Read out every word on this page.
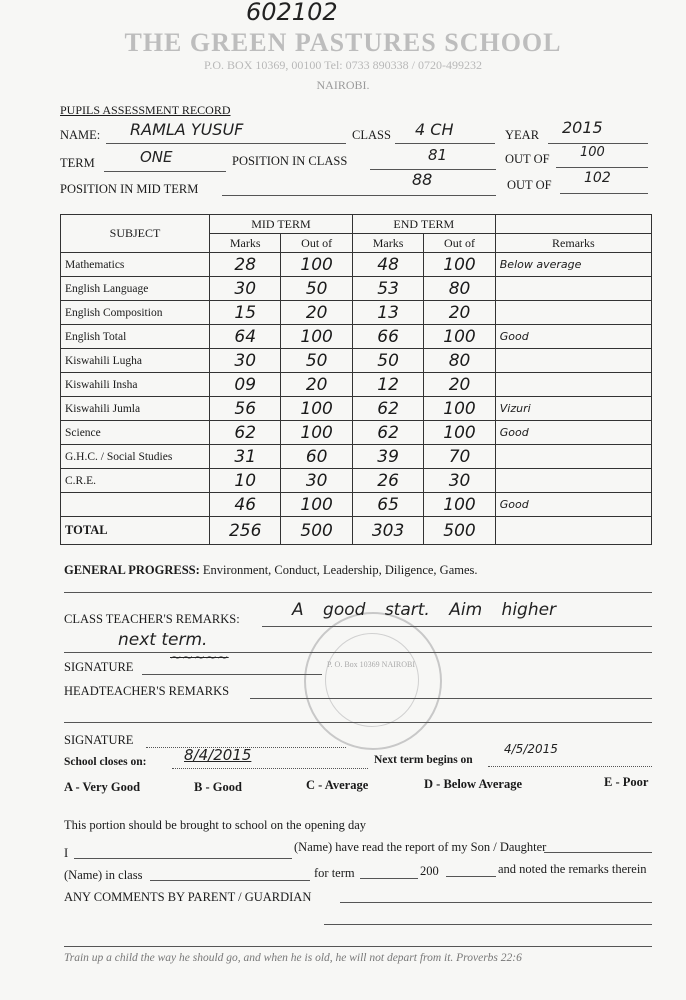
602102
THE GREEN PASTURES SCHOOL
P.O. BOX 10369, 00100 Tel: 0733 890338 / 0720-499232
NAIROBI.
PUPILS ASSESSMENT RECORD
NAME: RAMLA YUSUF	CLASS 4 CH	YEAR 2015
TERM	ONE	POSITION IN CLASS	81	OUT OF 100
POSITION IN MID TERM	88	OUT OF 102
SUBJECT	MID TERM		END TERM		
	Marks	Out of	Marks	Out of	Remarks
Mathematics	28	100	48	100	Below average
English Language	30	50	53	80	
English Composition	15	20	13	20	
English Total	64	100	66	100	Good
Kiswahili Lugha	30	50	50	80	
Kiswahili Insha	09	20	12	20	
Kiswahili Jumla	56	100	62	100	Vizuri
Science	62	100	62	100	Good
G.H.C. / Social Studies	31	60	39	70	
C.R.E.	10	30	26	30	
	46	100	65	100	Good
TOTAL	256	500	303	500	
GENERAL PROGRESS: Environment, Conduct, Leadership, Diligence, Games.
P. O. Box 10369 NAIROBI
CLASS TEACHER'S REMARKS:	A good start. Aim higher
next term.
SIGNATURE
~~~~~
HEADTEACHER'S REMARKS
SIGNATURE
School closes on:	8/4/2015	Next term begins on
4/5/2015
A - Very Good	B - Good	C - Average	D - Below Average	E - Poor
This portion should be brought to school on the opening day
I	(Name) have read the report of my Son / Daughter
(Name) in class	for term	200	and noted the remarks therein
ANY COMMENTS BY PARENT / GUARDIAN
Train up a child the way he should go, and when he is old, he will not depart from it. Proverbs 22:6
